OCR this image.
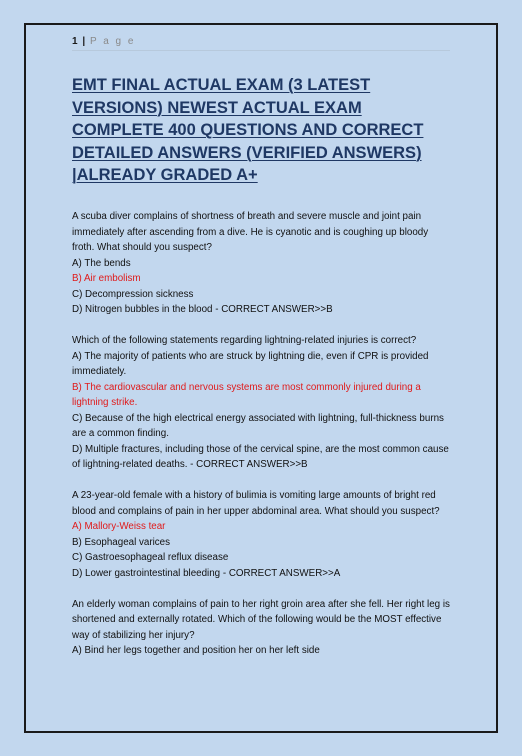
1 | P a g e
EMT FINAL ACTUAL EXAM (3 LATEST VERSIONS) NEWEST ACTUAL EXAM COMPLETE 400 QUESTIONS AND CORRECT DETAILED ANSWERS (VERIFIED ANSWERS) |ALREADY GRADED A+
A scuba diver complains of shortness of breath and severe muscle and joint pain immediately after ascending from a dive. He is cyanotic and is coughing up bloody froth. What should you suspect?
A) The bends
B) Air embolism
C) Decompression sickness
D) Nitrogen bubbles in the blood - CORRECT ANSWER>>B
Which of the following statements regarding lightning-related injuries is correct?
A) The majority of patients who are struck by lightning die, even if CPR is provided immediately.
B) The cardiovascular and nervous systems are most commonly injured during a lightning strike.
C) Because of the high electrical energy associated with lightning, full-thickness burns are a common finding.
D) Multiple fractures, including those of the cervical spine, are the most common cause of lightning-related deaths. - CORRECT ANSWER>>B
A 23-year-old female with a history of bulimia is vomiting large amounts of bright red blood and complains of pain in her upper abdominal area. What should you suspect?
A) Mallory-Weiss tear
B) Esophageal varices
C) Gastroesophageal reflux disease
D) Lower gastrointestinal bleeding - CORRECT ANSWER>>A
An elderly woman complains of pain to her right groin area after she fell. Her right leg is shortened and externally rotated. Which of the following would be the MOST effective way of stabilizing her injury?
A) Bind her legs together and position her on her left side
